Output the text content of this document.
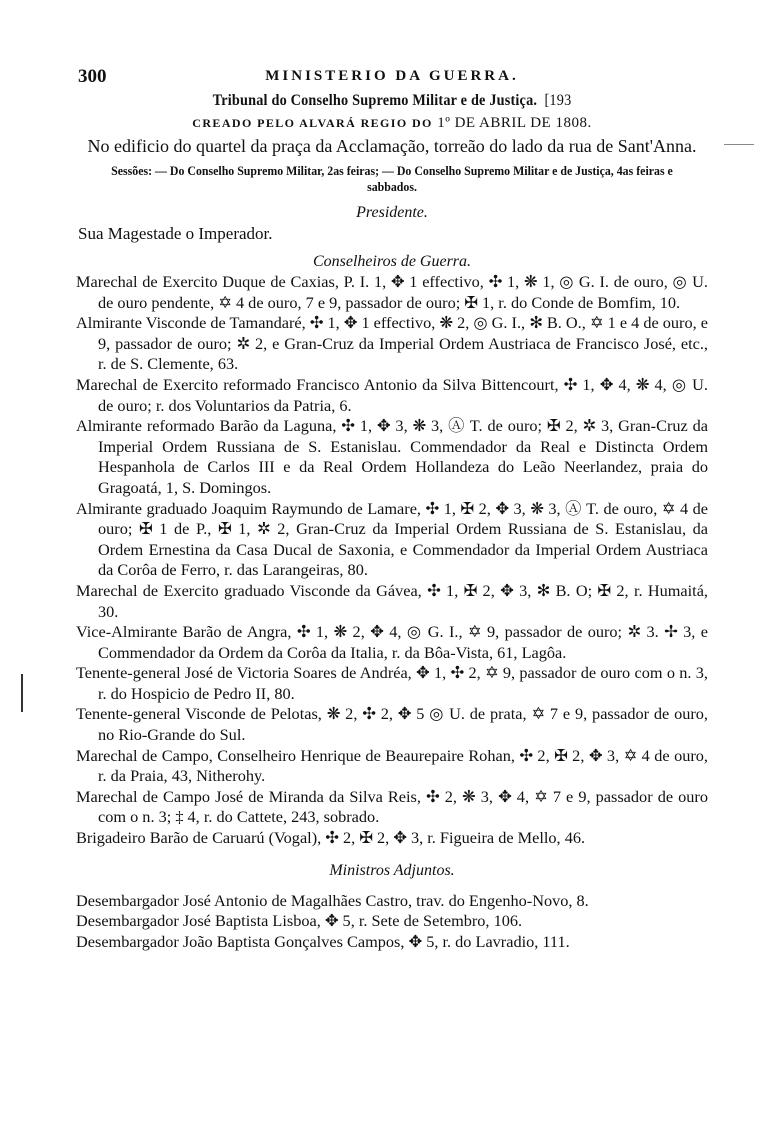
300	MINISTERIO DA GUERRA.
Tribunal do Conselho Supremo Militar e de Justiça. [193
CREADO PELO ALVARÁ REGIO DO 1º DE ABRIL DE 1808.
No edificio do quartel da praça da Acclamação, torreão do lado da rua de Sant'Anna.
Sessões: — Do Conselho Supremo Militar, 2as feiras; — Do Conselho Supremo Militar e de Justiça, 4as feiras e sabbados.
Presidente.
Sua Magestade o Imperador.
Conselheiros de Guerra.

Marechal de Exercito Duque de Caxias, P. I. 1, ✥ 1 effectivo, ✣ 1, ❋ 1, ◎ G. I. de ouro, ◎ U. de ouro pendente, ✡ 4 de ouro, 7 e 9, passador de ouro; ✠ 1, r. do Conde de Bomfim, 10.

Almirante Visconde de Tamandaré, ✣ 1, ✥ 1 effectivo, ❋ 2, ◎ G. I., ✻ B. O., ✡ 1 e 4 de ouro, e 9, passador de ouro; ✲ 2, e Gran-Cruz da Imperial Ordem Austriaca de Francisco José, etc., r. de S. Clemente, 63.

Marechal de Exercito reformado Francisco Antonio da Silva Bittencourt, ✣ 1, ✥ 4, ❋ 4, ◎ U. de ouro; r. dos Voluntarios da Patria, 6.

Almirante reformado Barão da Laguna, ✣ 1, ✥ 3, ❋ 3, Ⓐ T. de ouro; ✠ 2, ✲ 3, Gran-Cruz da Imperial Ordem Russiana de S. Estanislau. Commendador da Real e Distincta Ordem Hespanhola de Carlos III e da Real Ordem Hollandeza do Leão Neerlandez, praia do Gragoatá, 1, S. Domingos.

Almirante graduado Joaquim Raymundo de Lamare, ✣ 1, ✠ 2, ✥ 3, ❋ 3, Ⓐ T. de ouro, ✡ 4 de ouro; ✠ 1 de P., ✠ 1, ✲ 2, Gran-Cruz da Imperial Ordem Russiana de S. Estanislau, da Ordem Ernestina da Casa Ducal de Saxonia, e Commendador da Imperial Ordem Austriaca da Corôa de Ferro, r. das Larangeiras, 80.

Marechal de Exercito graduado Visconde da Gávea, ✣ 1, ✠ 2, ✥ 3, ✻ B. O; ✠ 2, r. Humaitá, 30.

Vice-Almirante Barão de Angra, ✣ 1, ❋ 2, ✥ 4, ◎ G. I., ✡ 9, passador de ouro; ✲ 3. ✢ 3, e Commendador da Ordem da Corôa da Italia, r. da Bôa-Vista, 61, Lagôa.

Tenente-general José de Victoria Soares de Andréa, ✥ 1, ✣ 2, ✡ 9, passador de ouro com o n. 3, r. do Hospicio de Pedro II, 80.

Tenente-general Visconde de Pelotas, ❋ 2, ✣ 2, ✥ 5 ◎ U. de prata, ✡ 7 e 9, passador de ouro, no Rio-Grande do Sul.

Marechal de Campo, Conselheiro Henrique de Beaurepaire Rohan, ✣ 2, ✠ 2, ✥ 3, ✡ 4 de ouro, r. da Praia, 43, Nitherohy.

Marechal de Campo José de Miranda da Silva Reis, ✣ 2, ❋ 3, ✥ 4, ✡ 7 e 9, passador de ouro com o n. 3; ‡ 4, r. do Cattete, 243, sobrado.

Brigadeiro Barão de Caruarú (Vogal), ✣ 2, ✠ 2, ✥ 3, r. Figueira de Mello, 46.

Ministros Adjuntos.

Desembargador José Antonio de Magalhães Castro, trav. do Engenho-Novo, 8.

Desembargador José Baptista Lisboa, ✥ 5, r. Sete de Setembro, 106.

Desembargador João Baptista Gonçalves Campos, ✥ 5, r. do Lavradio, 111.
